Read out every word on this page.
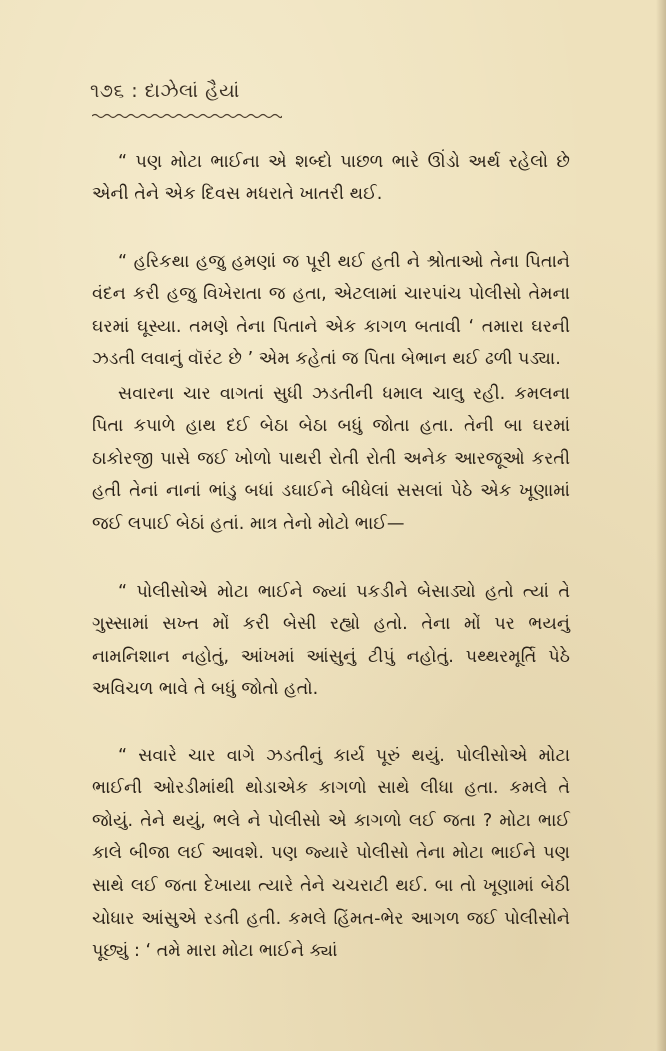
૧૭૬ : દાઝેલાં હૈયાં

“ પણ મોટા ભાઈના એ શબ્દો પાછળ ભારે ઊંડો અર્થ રહેલો છે એની તેને એક દિવસ મધરાતે ખાતરી થઈ.

“ હરિકથા હજુ હમણાં જ પૂરી થઈ હતી ને શ્રોતાઓ તેના પિતાને વંદન કરી હજુ વિખેરાતા જ હતા, એટલામાં ચારપાંચ પોલીસો તેમના ઘરમાં ઘૂસ્યા. તમણે તેના પિતાને એક કાગળ બતાવી ‘ તમારા ઘરની ઝડતી લવાનું વૉરંટ છે ’ એમ કહેતાં જ પિતા બેભાન થઈ ઢળી પડ્યા.

સવારના ચાર વાગતાં સુધી ઝડતીની ધમાલ ચાલુ રહી. કમલના પિતા કપાળે હાથ દઈ બેઠા બેઠા બધું જોતા હતા. તેની બા ઘરમાં ઠાકોરજી પાસે જઈ ખોળો પાથરી રોતી રોતી અનેક આરજૂઓ કરતી હતી તેનાં નાનાં ભાંડુ બધાં ડઘાઈને બીધેલાં સસલાં પેઠે એક ખૂણામાં જઈ લપાઈ બેઠાં હતાં. માત્ર તેનો મોટો ભાઈ—

“ પોલીસોએ મોટા ભાઈને જ્યાં પકડીને બેસાડ્યો હતો ત્યાં તે ગુસ્સામાં સખ્ત મોં કરી બેસી રહ્યો હતો. તેના મોં પર ભયનું નામનિશાન નહોતું, આંખમાં આંસુનું ટીપું નહોતું. પથ્થરમૂર્તિ પેઠે અવિચળ ભાવે તે બધું જોતો હતો.

“ સવારે ચાર વાગે ઝડતીનું કાર્ય પૂરું થયું. પોલીસોએ મોટા ભાઈની ઓરડીમાંથી થોડાએક કાગળો સાથે લીધા હતા. કમલે તે જોયું. તેને થયું, ભલે ને પોલીસો એ કાગળો લઈ જતા ? મોટા ભાઈ કાલે બીજા લઈ આવશે. પણ જ્યારે પોલીસો તેના મોટા ભાઈને પણ સાથે લઈ જતા દેખાયા ત્યારે તેને ચચરાટી થઈ. બા તો ખૂણામાં બેઠી ચોધાર આંસુએ રડતી હતી. કમલે હિંમત-ભેર આગળ જઈ પોલીસોને પૂછ્યું : ‘ તમે મારા મોટા ભાઈને ક્યાં
